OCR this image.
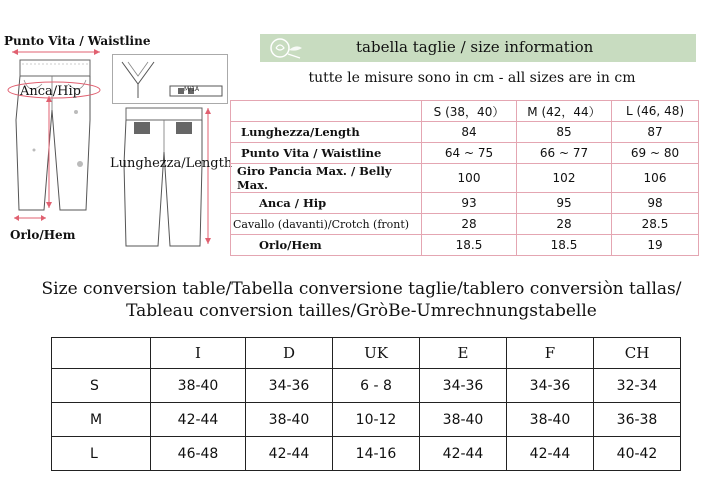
M/1Ä
Punto Vita / Waistline
Anca/Hip
Lunghezza/Length
Orlo/Hem
tabella taglie / size information
tutte le misure sono in cm - all sizes are in cm
	S (38，40）	M (42，44）	L (46, 48)
Lunghezza/Length	84	85	87
Punto Vita / Waistline	64 ~ 75	66 ~ 77	69 ~ 80
Giro Pancia Max. / Belly Max.	100	102	106
Anca / Hip	93	95	98
Cavallo (davanti)/Crotch (front)	28	28	28.5
Orlo/Hem	18.5	18.5	19
Size conversion table/Tabella conversione taglie/tablero conversiòn tallas/
Tableau conversion tailles/GròBe-Umrechnungstabelle
	I	D	UK	E	F	CH
S	38-40	34-36	6 - 8	34-36	34-36	32-34
M	42-44	38-40	10-12	38-40	38-40	36-38
L	46-48	42-44	14-16	42-44	42-44	40-42
